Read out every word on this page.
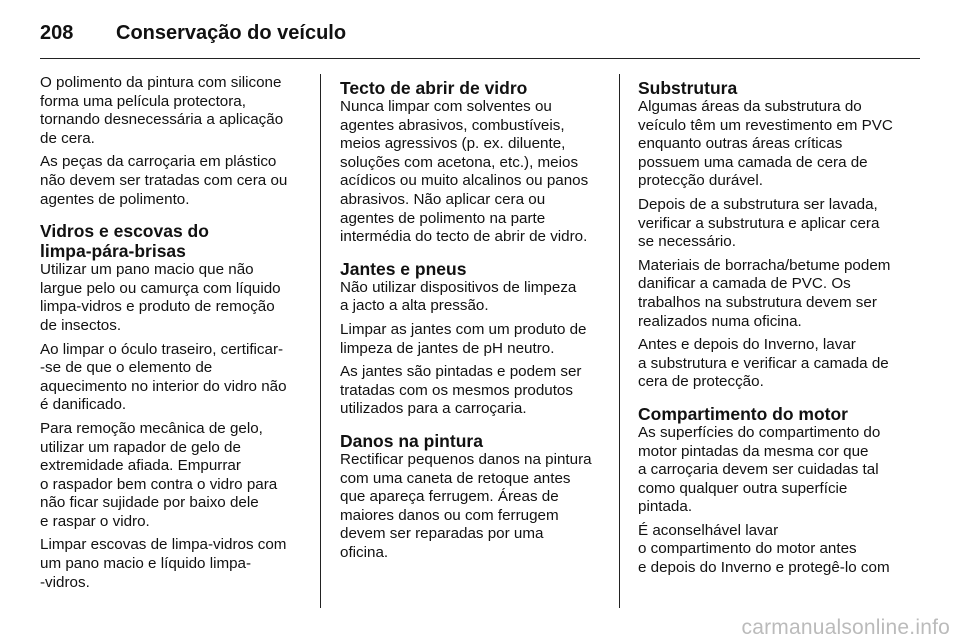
208	Conservação do veículo

O polimento da pintura com silicone
forma uma película protectora,
tornando desnecessária a aplicação
de cera.

As peças da carroçaria em plástico
não devem ser tratadas com cera ou
agentes de polimento.

Vidros e escovas do
limpa-pára-brisas

Utilizar um pano macio que não
largue pelo ou camurça com líquido
limpa-vidros e produto de remoção
de insectos.

Ao limpar o óculo traseiro, certificar-
-se de que o elemento de
aquecimento no interior do vidro não
é danificado.

Para remoção mecânica de gelo,
utilizar um rapador de gelo de
extremidade afiada. Empurrar
o raspador bem contra o vidro para
não ficar sujidade por baixo dele
e raspar o vidro.

Limpar escovas de limpa-vidros com
um pano macio e líquido limpa-
-vidros.

Tecto de abrir de vidro

Nunca limpar com solventes ou
agentes abrasivos, combustíveis,
meios agressivos (p. ex. diluente,
soluções com acetona, etc.), meios
acídicos ou muito alcalinos ou panos
abrasivos. Não aplicar cera ou
agentes de polimento na parte
intermédia do tecto de abrir de vidro.

Jantes e pneus

Não utilizar dispositivos de limpeza
a jacto a alta pressão.

Limpar as jantes com um produto de
limpeza de jantes de pH neutro.

As jantes são pintadas e podem ser
tratadas com os mesmos produtos
utilizados para a carroçaria.

Danos na pintura

Rectificar pequenos danos na pintura
com uma caneta de retoque antes
que apareça ferrugem. Áreas de
maiores danos ou com ferrugem
devem ser reparadas por uma
oficina.

Substrutura

Algumas áreas da substrutura do
veículo têm um revestimento em PVC
enquanto outras áreas críticas
possuem uma camada de cera de
protecção durável.

Depois de a substrutura ser lavada,
verificar a substrutura e aplicar cera
se necessário.

Materiais de borracha/betume podem
danificar a camada de PVC. Os
trabalhos na substrutura devem ser
realizados numa oficina.

Antes e depois do Inverno, lavar
a substrutura e verificar a camada de
cera de protecção.

Compartimento do motor

As superfícies do compartimento do
motor pintadas da mesma cor que
a carroçaria devem ser cuidadas tal
como qualquer outra superfície
pintada.

É aconselhável lavar
o compartimento do motor antes
e depois do Inverno e protegê-lo com

carmanualsonline.info
